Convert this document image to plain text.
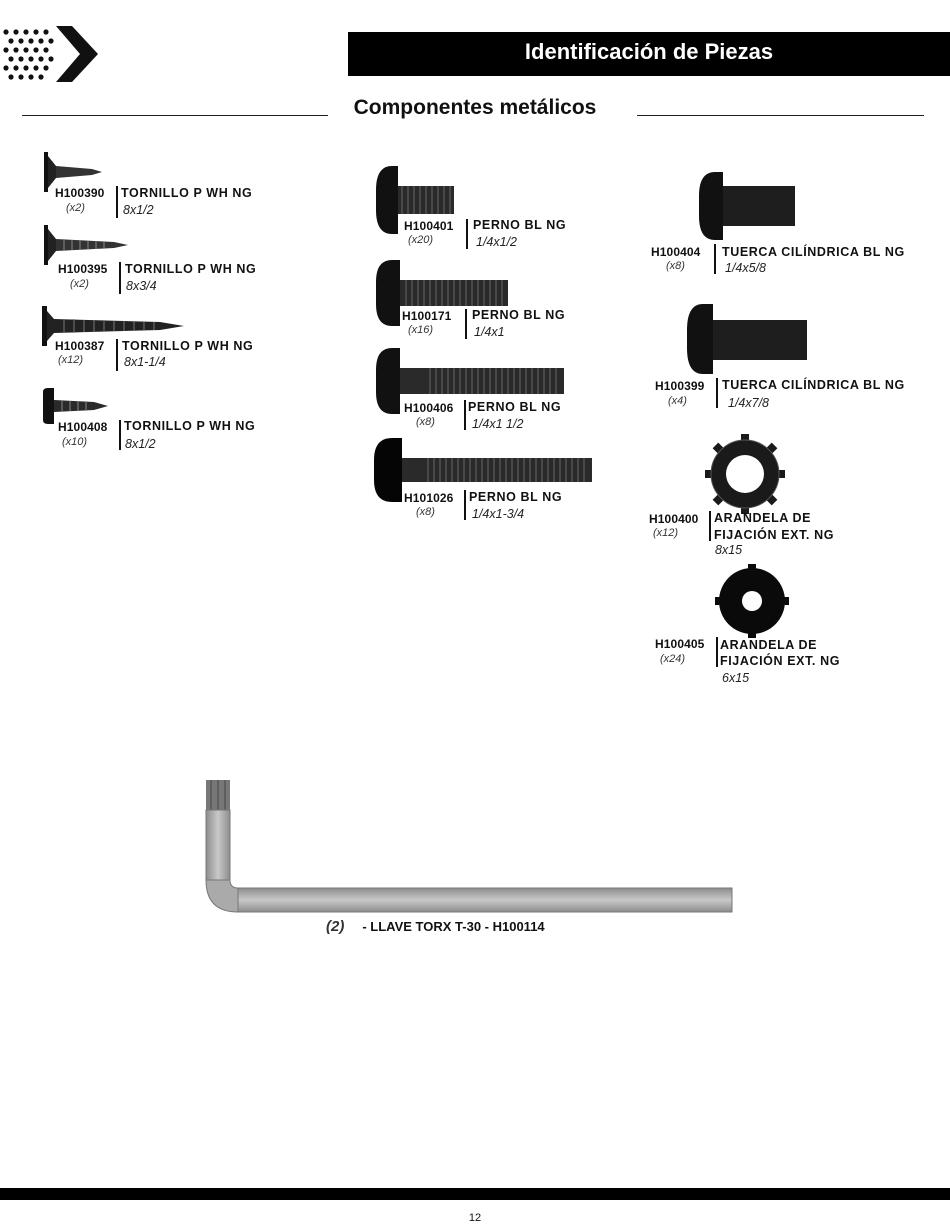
Identificación de Piezas
Componentes metálicos
H100390 TORNILLO P WH NG
(x2)	8x1/2
H100395 TORNILLO P WH NG
(x2)	8x3/4
H100387 TORNILLO P WH NG
(x12)	8x1-1/4
H100408 TORNILLO P WH NG
(x10)	8x1/2
H100401 PERNO BL NG
(x20)	1/4x1/2
H100171 PERNO BL NG
(x16)	1/4x1
H100406 PERNO BL NG
(x8)	1/4x1 1/2
H101026 PERNO BL NG
(x8)	1/4x1-3/4
H100404 TUERCA CILÍNDRICA BL NG
(x8)	1/4x5/8
H100399 TUERCA CILÍNDRICA BL NG
(x4)	1/4x7/8
H100400 ARANDELA DE
FIJACIÓN EXT. NG
(x12)
8x15
H100405 ARANDELA DE
FIJACIÓN EXT. NG
(x24)
6x15
(2) - LLAVE TORX T-30 - H100114
12
